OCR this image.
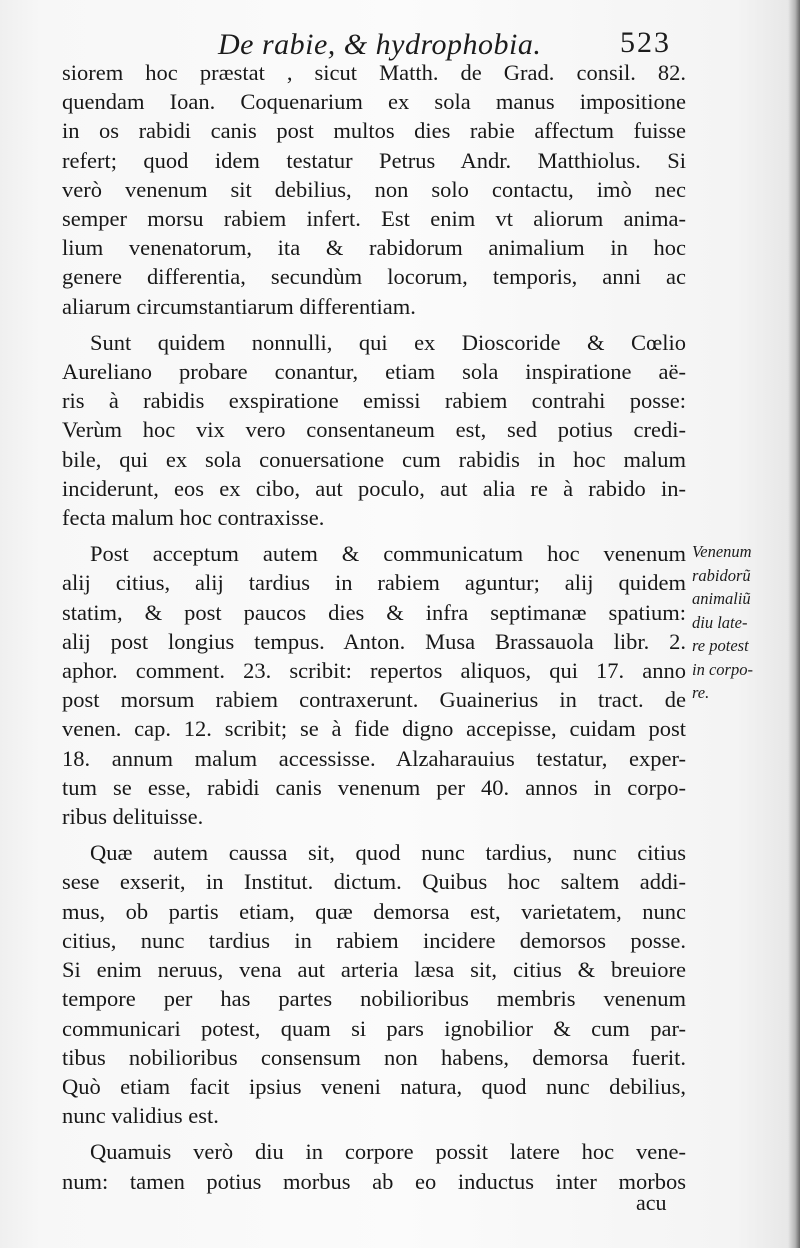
De rabie, & hydrophobia.	523
siorem hoc præstat , sicut Matth. de Grad. consil. 82.
quendam Ioan. Coquenarium ex sola manus impositione
in os rabidi canis post multos dies rabie affectum fuisse
refert; quod idem testatur Petrus Andr. Matthiolus. Si
verò venenum sit debilius, non solo contactu, imò nec
semper morsu rabiem infert. Est enim vt aliorum anima-
lium venenatorum, ita & rabidorum animalium in hoc
genere differentia, secundùm locorum, temporis, anni ac
aliarum circumstantiarum differentiam.
Sunt quidem nonnulli, qui ex Dioscoride & Cœlio
Aureliano probare conantur, etiam sola inspiratione aë-
ris à rabidis exspiratione emissi rabiem contrahi posse:
Verùm hoc vix vero consentaneum est, sed potius credi-
bile, qui ex sola conuersatione cum rabidis in hoc malum
inciderunt, eos ex cibo, aut poculo, aut alia re à rabido in-
fecta malum hoc contraxisse.
Post acceptum autem & communicatum hoc venenum
alij citius, alij tardius in rabiem aguntur; alij quidem
statim, & post paucos dies & infra septimanæ spatium:
alij post longius tempus. Anton. Musa Brassauola libr. 2.
aphor. comment. 23. scribit: repertos aliquos, qui 17. anno
post morsum rabiem contraxerunt. Guainerius in tract. de
venen. cap. 12. scribit; se à fide digno accepisse, cuidam post
18. annum malum accessisse. Alzaharauius testatur, exper-
tum se esse, rabidi canis venenum per 40. annos in corpo-
ribus delituisse.
Quæ autem caussa sit, quod nunc tardius, nunc citius
sese exserit, in Institut. dictum. Quibus hoc saltem addi-
mus, ob partis etiam, quæ demorsa est, varietatem, nunc
citius, nunc tardius in rabiem incidere demorsos posse.
Si enim neruus, vena aut arteria læsa sit, citius & breuiore
tempore per has partes nobilioribus membris venenum
communicari potest, quam si pars ignobilior & cum par-
tibus nobilioribus consensum non habens, demorsa fuerit.
Quò etiam facit ipsius veneni natura, quod nunc debilius,
nunc validius est.
Quamuis verò diu in corpore possit latere hoc vene-
num: tamen potius morbus ab eo inductus inter morbos
Venenum
rabidorũ
animaliũ
diu late-
re potest
in corpo-
re.
acu
